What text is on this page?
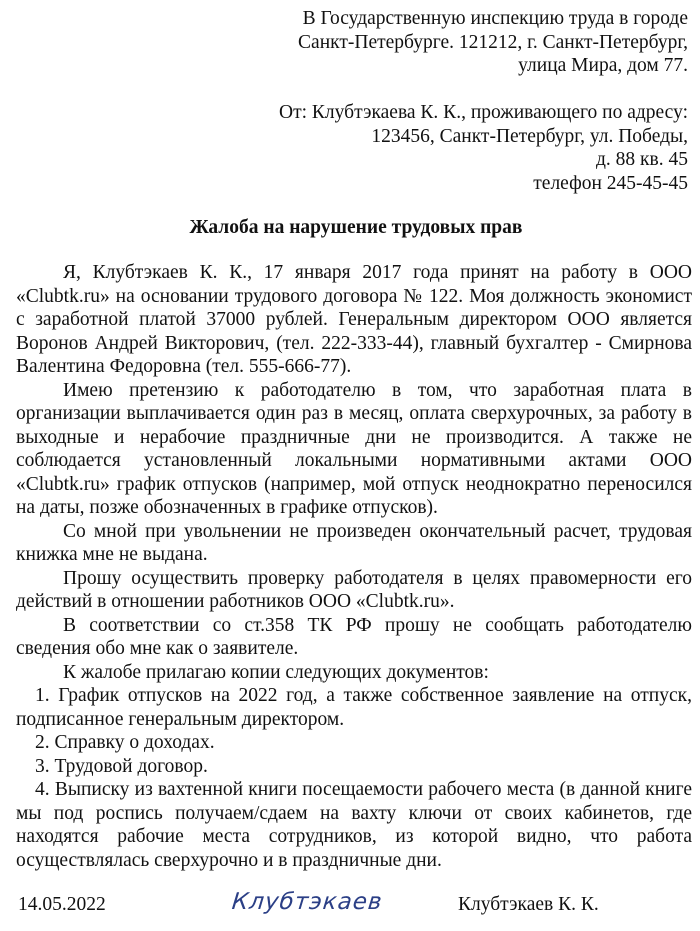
В Государственную инспекцию труда в городе
Санкт-Петербурге. 121212, г. Санкт-Петербург,
улица Мира, дом 77.
От: Клубтэкаева К. К., проживающего по адресу:
123456, Санкт-Петербург, ул. Победы,
д. 88 кв. 45
телефон 245-45-45
Жалоба на нарушение трудовых прав

Я, Клубтэкаев К. К., 17 января 2017 года принят на работу в ООО «Clubtk.ru» на основании трудового договора № 122. Моя должность экономист с заработной платой 37000 рублей. Генеральным директором ООО является Воронов Андрей Викторович, (тел. 222-333-44), главный бухгалтер - Смирнова Валентина Федоровна (тел. 555-666-77).

Имею претензию к работодателю в том, что заработная плата в организации выплачивается один раз в месяц, оплата сверхурочных, за работу в выходные и нерабочие праздничные дни не производится. А также не соблюдается установленный локальными нормативными актами ООО «Clubtk.ru» график отпусков (например, мой отпуск неоднократно переносился на даты, позже обозначенных в графике отпусков).

Со мной при увольнении не произведен окончательный расчет, трудовая книжка мне не выдана.

Прошу осуществить проверку работодателя в целях правомерности его действий в отношении работников ООО «Clubtk.ru».

В соответствии со ст.358 ТК РФ прошу не сообщать работодателю сведения обо мне как о заявителе.

К жалобе прилагаю копии следующих документов:

1. График отпусков на 2022 год, а также собственное заявление на отпуск, подписанное генеральным директором.

2. Справку о доходах.

3. Трудовой договор.

4. Выписку из вахтенной книги посещаемости рабочего места (в данной книге мы под роспись получаем/сдаем на вахту ключи от своих кабинетов, где находятся рабочие места сотрудников, из которой видно, что работа осуществлялась сверхурочно и в праздничные дни.

14.05.2022	Клубтэкаев	Клубтэкаев К. К.
